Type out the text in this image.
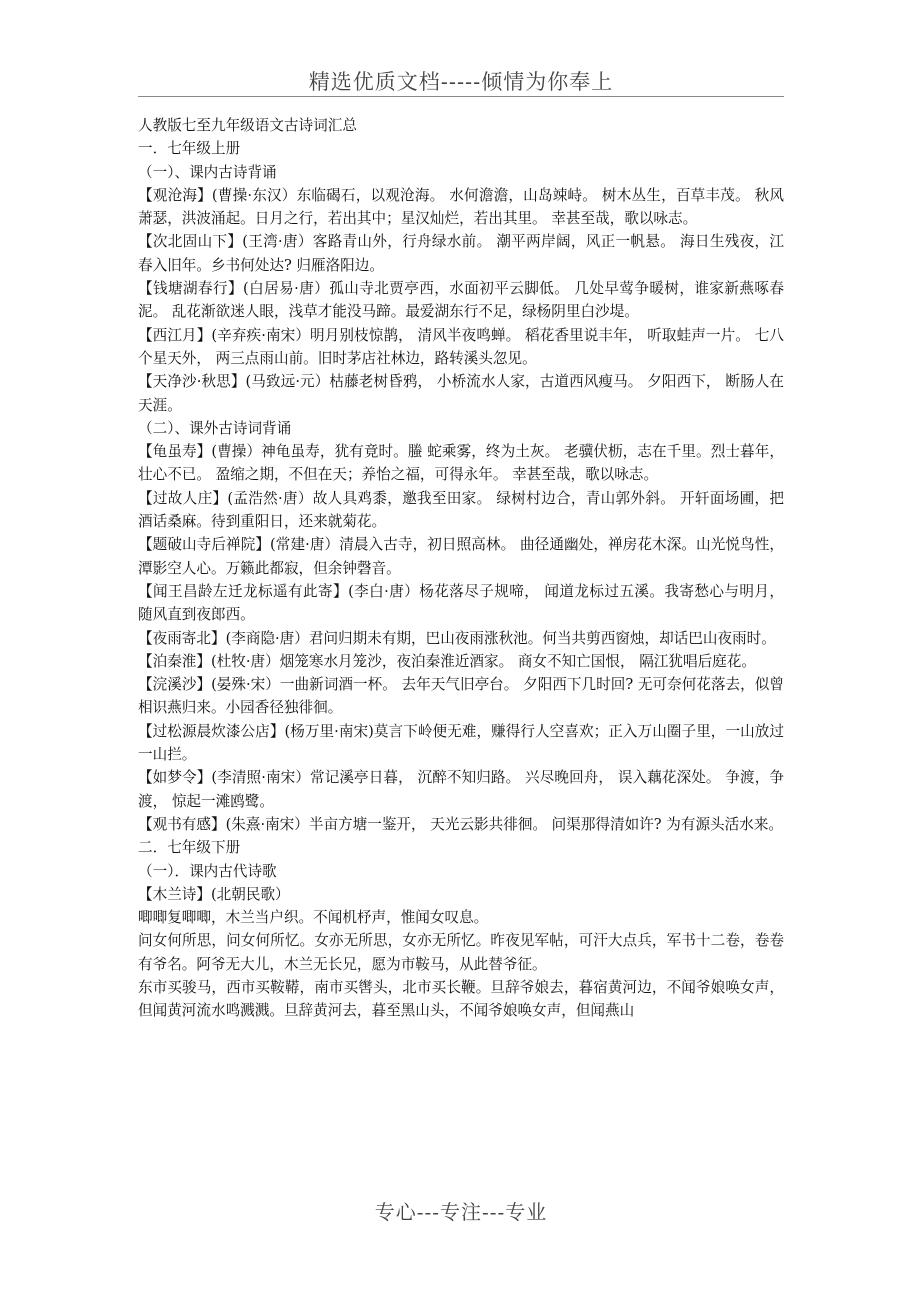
精选优质文档-----倾情为你奉上

人教版七至九年级语文古诗词汇总

一．七年级上册

（一）、课内古诗背诵

【观沧海】(曹操·东汉）东临碣石，以观沧海。 水何澹澹，山岛竦峙。 树木丛生，百草丰茂。 秋风萧瑟，洪波涌起。日月之行，若出其中；星汉灿烂，若出其里。 幸甚至哉，歌以咏志。

【次北固山下】(王湾·唐）客路青山外，行舟绿水前。 潮平两岸阔，风正一帆悬。 海日生残夜，江春入旧年。乡书何处达? 归雁洛阳边。

【钱塘湖春行】(白居易·唐）孤山寺北贾亭西，水面初平云脚低。 几处早莺争暖树，谁家新燕啄春泥。 乱花渐欲迷人眼，浅草才能没马蹄。最爱湖东行不足，绿杨阴里白沙堤。

【西江月】(辛弃疾·南宋）明月别枝惊鹊， 清风半夜鸣蝉。 稻花香里说丰年， 听取蛙声一片。 七八个星天外， 两三点雨山前。旧时茅店社林边，路转溪头忽见。

【天净沙·秋思】(马致远·元）枯藤老树昏鸦， 小桥流水人家，古道西风瘦马。 夕阳西下， 断肠人在天涯。

（二）、课外古诗词背诵

【龟虽寿】(曹操）神龟虽寿，犹有竟时。螣 蛇乘雾，终为土灰。 老骥伏枥，志在千里。烈士暮年，壮心不已。 盈缩之期，不但在天；养怡之福，可得永年。 幸甚至哉，歌以咏志。

【过故人庄】(孟浩然·唐）故人具鸡黍，邀我至田家。 绿树村边合，青山郭外斜。 开轩面场圃，把酒话桑麻。待到重阳日，还来就菊花。

【题破山寺后禅院】(常建·唐）清晨入古寺，初日照高林。 曲径通幽处，禅房花木深。山光悦鸟性，潭影空人心。万籁此都寂，但余钟磬音。

【闻王昌龄左迁龙标遥有此寄】(李白·唐）杨花落尽子规啼， 闻道龙标过五溪。我寄愁心与明月， 随风直到夜郎西。

【夜雨寄北】(李商隐·唐）君问归期未有期，巴山夜雨涨秋池。何当共剪西窗烛，却话巴山夜雨时。

【泊秦淮】(杜牧·唐）烟笼寒水月笼沙，夜泊秦淮近酒家。 商女不知亡国恨， 隔江犹唱后庭花。

【浣溪沙】(晏殊·宋）一曲新词酒一杯。 去年天气旧亭台。 夕阳西下几时回? 无可奈何花落去，似曾相识燕归来。小园香径独徘徊。

【过松源晨炊漆公店】(杨万里·南宋)莫言下岭便无难，赚得行人空喜欢；正入万山圈子里，一山放过一山拦。

【如梦令】(李清照·南宋）常记溪亭日暮， 沉醉不知归路。 兴尽晚回舟， 误入藕花深处。 争渡，争渡， 惊起一滩鸥鹭。

【观书有感】(朱熹·南宋）半亩方塘一鉴开， 天光云影共徘徊。 问渠那得清如许? 为有源头活水来。

二．七年级下册

（一）．课内古代诗歌

【木兰诗】(北朝民歌）

唧唧复唧唧，木兰当户织。不闻机杼声，惟闻女叹息。

问女何所思，问女何所忆。女亦无所思，女亦无所忆。昨夜见军帖，可汗大点兵，军书十二卷，卷卷有爷名。阿爷无大儿，木兰无长兄，愿为市鞍马，从此替爷征。

东市买骏马，西市买鞍鞯，南市买辔头，北市买长鞭。旦辞爷娘去，暮宿黄河边，不闻爷娘唤女声，但闻黄河流水鸣溅溅。旦辞黄河去，暮至黑山头，不闻爷娘唤女声，但闻燕山

专心---专注---专业
